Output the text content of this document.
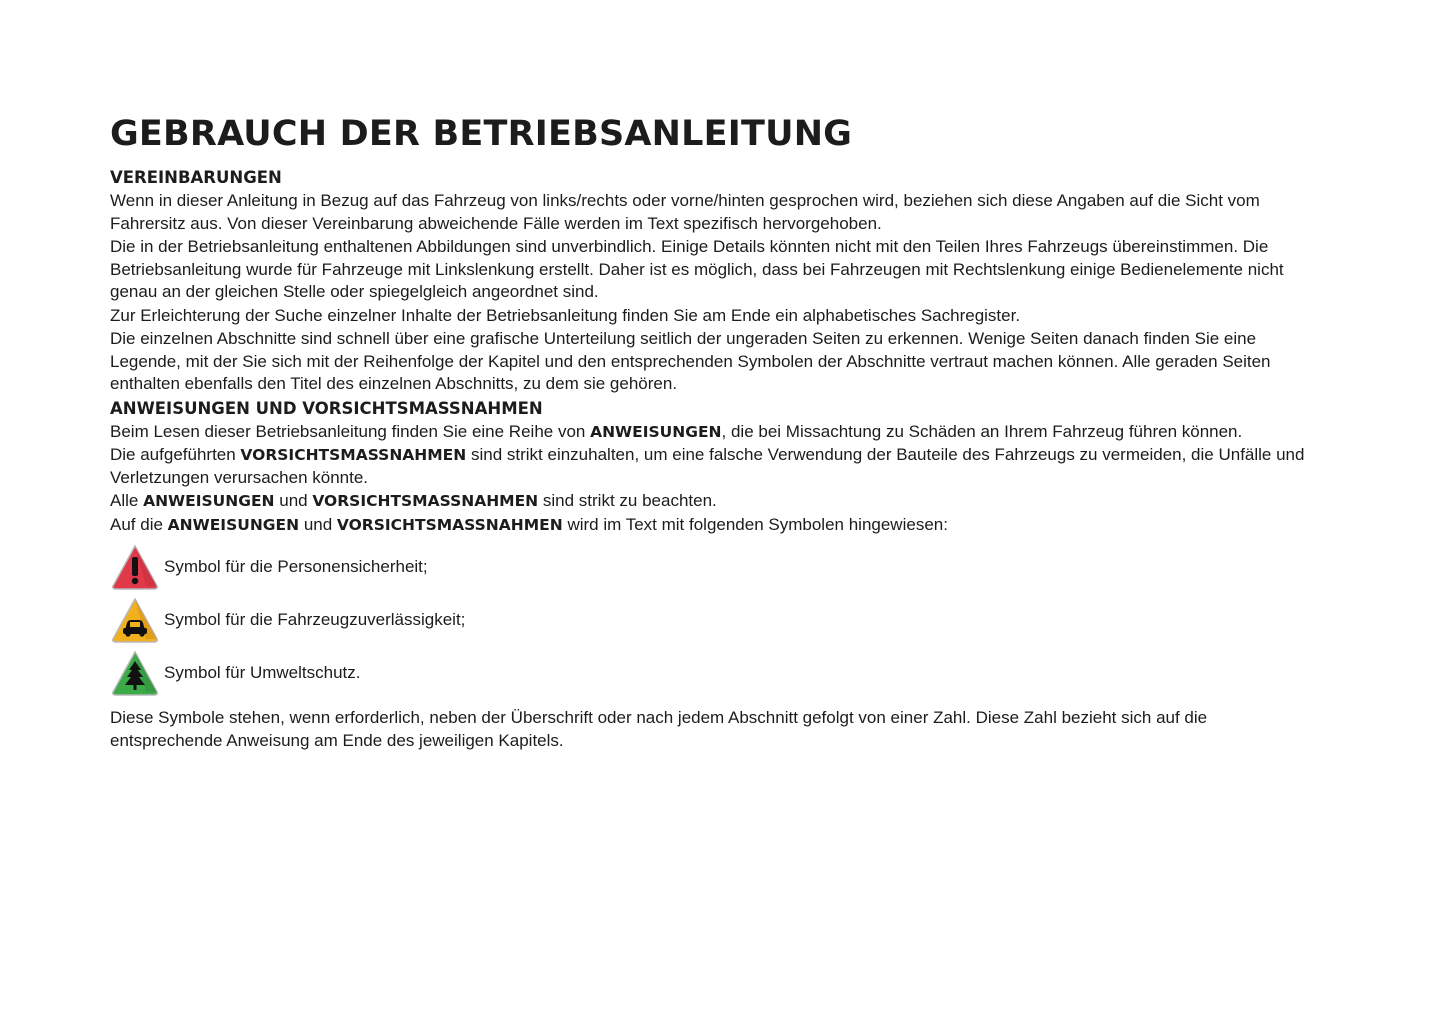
GEBRAUCH DER BETRIEBSANLEITUNG
VEREINBARUNGEN

Wenn in dieser Anleitung in Bezug auf das Fahrzeug von links/rechts oder vorne/hinten gesprochen wird, beziehen sich diese Angaben auf die Sicht vom Fahrersitz aus. Von dieser Vereinbarung abweichende Fälle werden im Text spezifisch hervorgehoben.

Die in der Betriebsanleitung enthaltenen Abbildungen sind unverbindlich. Einige Details könnten nicht mit den Teilen Ihres Fahrzeugs übereinstimmen. Die Betriebsanleitung wurde für Fahrzeuge mit Linkslenkung erstellt. Daher ist es möglich, dass bei Fahrzeugen mit Rechtslenkung einige Bedienelemente nicht genau an der gleichen Stelle oder spiegelgleich angeordnet sind.

Zur Erleichterung der Suche einzelner Inhalte der Betriebsanleitung finden Sie am Ende ein alphabetisches Sachregister.

Die einzelnen Abschnitte sind schnell über eine grafische Unterteilung seitlich der ungeraden Seiten zu erkennen. Wenige Seiten danach finden Sie eine Legende, mit der Sie sich mit der Reihenfolge der Kapitel und den entsprechenden Symbolen der Abschnitte vertraut machen können. Alle geraden Seiten enthalten ebenfalls den Titel des einzelnen Abschnitts, zu dem sie gehören.

ANWEISUNGEN UND VORSICHTSMASSNAHMEN

Beim Lesen dieser Betriebsanleitung finden Sie eine Reihe von ANWEISUNGEN, die bei Missachtung zu Schäden an Ihrem Fahrzeug führen können.

Die aufgeführten VORSICHTSMASSNAHMEN sind strikt einzuhalten, um eine falsche Verwendung der Bauteile des Fahrzeugs zu vermeiden, die Unfälle und Verletzungen verursachen könnte.

Alle ANWEISUNGEN und VORSICHTSMASSNAHMEN sind strikt zu beachten.

Auf die ANWEISUNGEN und VORSICHTSMASSNAHMEN wird im Text mit folgenden Symbolen hingewiesen:

Symbol für die Personensicherheit;
Symbol für die Fahrzeugzuverlässigkeit;
Symbol für Umweltschutz.

Diese Symbole stehen, wenn erforderlich, neben der Überschrift oder nach jedem Abschnitt gefolgt von einer Zahl. Diese Zahl bezieht sich auf die entsprechende Anweisung am Ende des jeweiligen Kapitels.
